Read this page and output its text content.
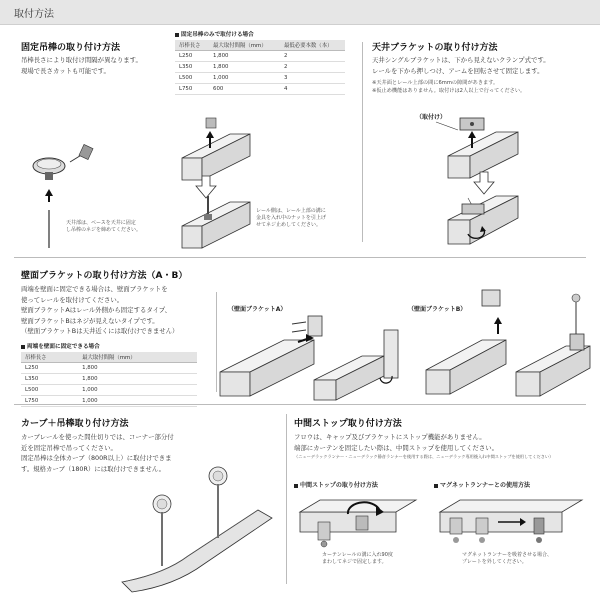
取付方法
固定吊棒の取り付け方法
吊棒長さにより取付け間隔が異なります。
現場で長さカットも可能です。
固定吊棒のみで取付ける場合
吊棒長さ	最大取付間隔（mm）	最低必要本数（本）
L250	1,800	2
L350	1,800	2
L500	1,000	3
L750	600	4
天井部は、ベースを天井に固定
し吊棒のネジを締めてください。
レール側は、レール上部の溝に
金具を入れ中のナットを引上げ
せてネジ止めしてください。
天井ブラケットの取り付け方法
天井シングルブラケットは、下から見えないクランプ式です。
レールを下から押しつけ、アームを回転させて固定します。
※天井面とレール上部の間に6mmの隙間があきます。
※仮止め機能はありません。取付けは2人以上で行ってください。
（取付け）
壁面ブラケットの取り付け方法（A・B）
両端を壁面に固定できる場合は、壁面ブラケットを
使ってレールを取付けてください。
壁面ブラケットAはレール外側から固定するタイプ、
壁面ブラケットBはネジが見えないタイプです。
（壁面ブラケットBは天井近くには取付けできません）
両端を壁面に固定できる場合
吊棒長さ	最大取付間隔（mm）
L250	1,800
L350	1,800
L500	1,000
L750	1,000
（壁面ブラケットA）	（壁面ブラケットB）
カーブ＋吊棒取り付け方法
カーブレールを使った間仕切りでは、コーナー部分付
近を固定吊棒で吊ってください。
固定吊棒は全体カーブ（800R以上）に取付けできま
す。規格カーブ（180R）には取付けできません。
中間ストップ取り付け方法
フロウは、キャップ及びブラケットにストップ機能がありません。
端部にカーテンを固定したい際は、中間ストップを使用してください。
（ニューデラックランナー・ニューデラック静音ランナーを使用する際は、ニューデラック専用後入れ中間ストップを使用してください）
中間ストップの取り付け方法
カーテンレールの溝に入れ90度
まわしてネジで固定します。
マグネットランナーとの使用方法
マグネットランナーを吸着させる場合、
プレートを外してください。
